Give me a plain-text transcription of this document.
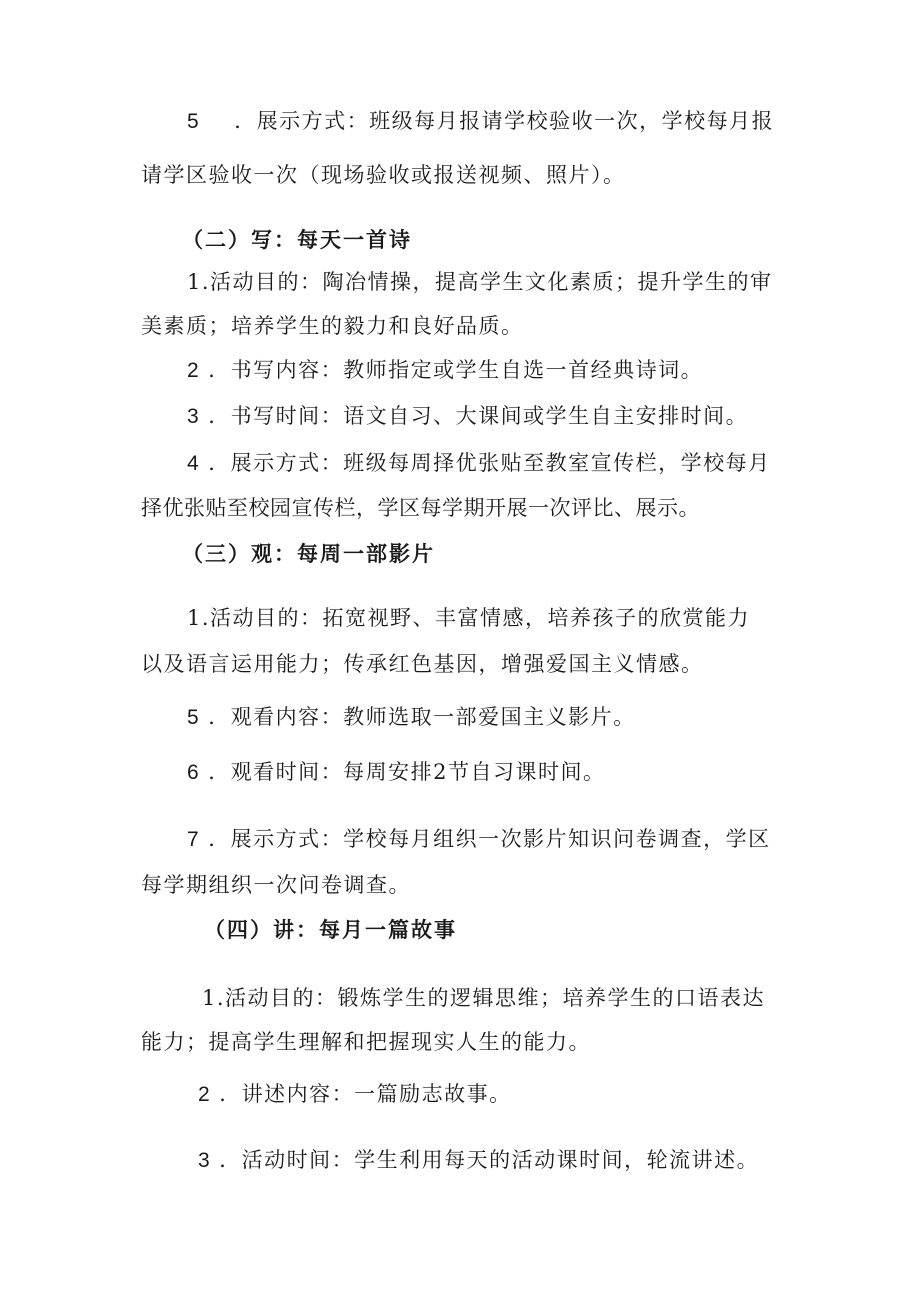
5 ．展示方式：班级每月报请学校验收一次，学校每月报
请学区验收一次（现场验收或报送视频、照片）。
（二）写：每天一首诗
1.活动目的：陶冶情操，提高学生文化素质；提升学生的审
美素质；培养学生的毅力和良好品质。
2 ．书写内容：教师指定或学生自选一首经典诗词。
3 ．书写时间：语文自习、大课间或学生自主安排时间。
4 ．展示方式：班级每周择优张贴至教室宣传栏，学校每月
择优张贴至校园宣传栏，学区每学期开展一次评比、展示。
（三）观：每周一部影片
1.活动目的：拓宽视野、丰富情感，培养孩子的欣赏能力
以及语言运用能力；传承红色基因，增强爱国主义情感。
5 ．观看内容：教师选取一部爱国主义影片。
6 ．观看时间：每周安排2节自习课时间。
7 ．展示方式：学校每月组织一次影片知识问卷调查，学区
每学期组织一次问卷调查。
（四）讲：每月一篇故事
1.活动目的：锻炼学生的逻辑思维；培养学生的口语表达
能力；提高学生理解和把握现实人生的能力。
2 ．讲述内容：一篇励志故事。
3 ．活动时间：学生利用每天的活动课时间，轮流讲述。
